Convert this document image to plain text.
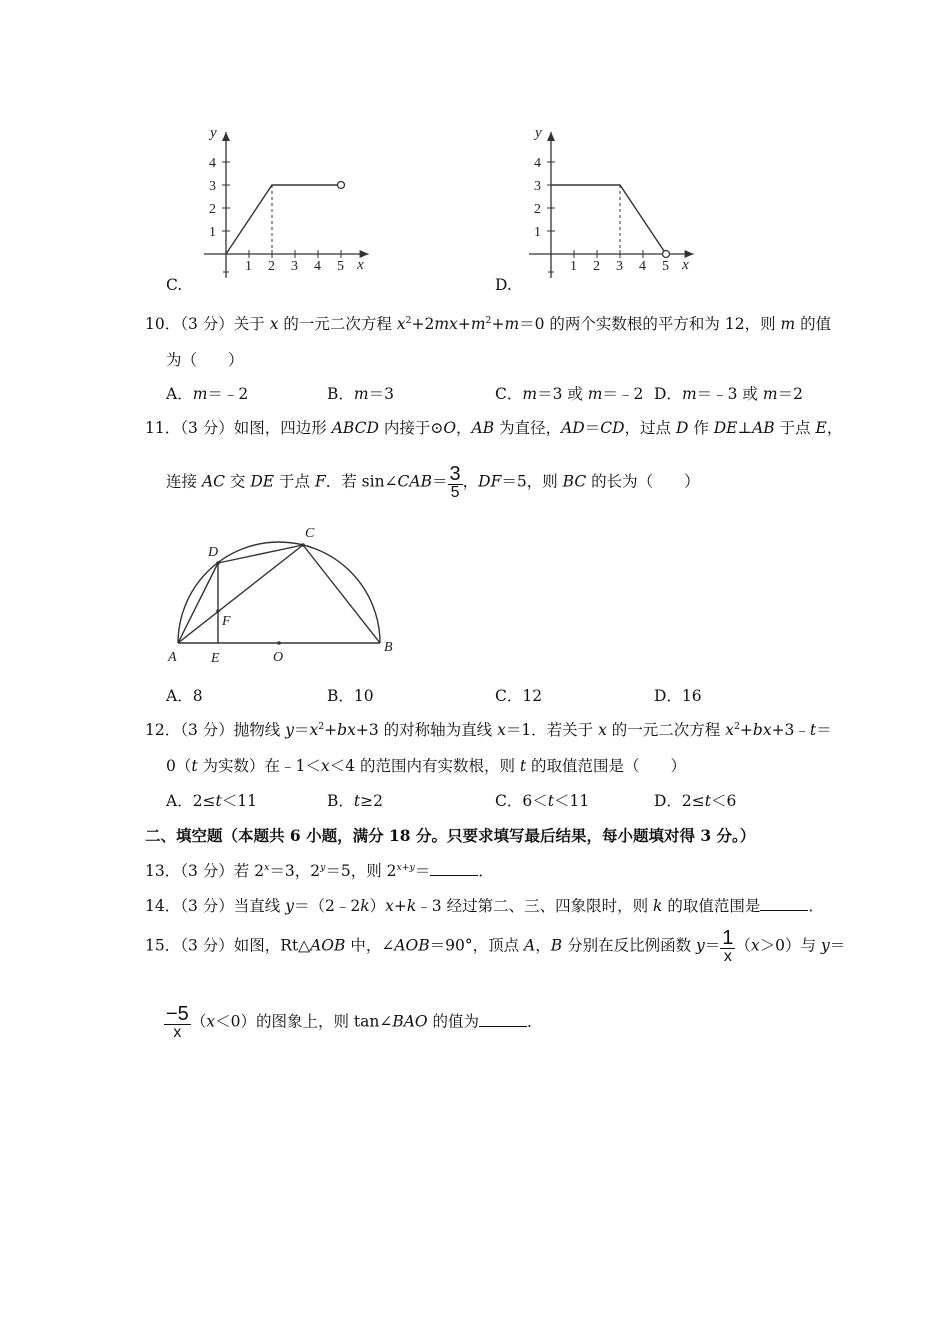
y
x
1
2
3
4
1 2 3 4 5
C.
y
x
1
2
3
4
1 2 3 4 5
D.
10．（3 分）关于 x 的一元二次方程 $x^2+2mx+m^2+m=0$ 的两个实数根的平方和为 12，则 m 的值
为（　　）
A．m＝﹣2	B．m＝3	C．m＝3 或 m＝﹣2 D．m＝﹣3 或 m＝2
11．（3 分）如图，四边形 ABCD 内接于⊙O，AB 为直径，AD＝CD，过点 D 作 DE⊥AB 于点 E，
连接 AC 交 DE 于点 F．若 sin∠CAB＝ $\frac{3}{5}$ ，DF＝5，则 BC 的长为（　　）
A E	O
B
D
C
F
A．8	B．10	C．12	D．16
12．（3 分）抛物线 $y=x^2+bx+3$ 的对称轴为直线 x＝1．若关于 x 的一元二次方程 $x^2+bx+3﹣t=$
0（t 为实数）在﹣1＜x＜4 的范围内有实数根，则 t 的取值范围是（　　）
A．2≤t＜11	B．t≥2	C．6＜t＜11	D．2≤t＜6
二、填空题（本题共 6 小题，满分 18 分。只要求填写最后结果，每小题填对得 3 分。）
13．（3 分）若 $2^x=3$，$2^y=5$，则 $2^{x+y}=$	．
14．（3 分）当直线 y＝（2﹣2k）x+k﹣3 经过第二、三、四象限时，则 k 的取值范围是	．
15．（3 分）如图，Rt△AOB 中，∠AOB＝90°，顶点 A，B 分别在反比例函数 $y= \frac{1}{x} (x>0)$与 y＝
$\frac{-5}{x} (x<0)$的图象上，则 tan∠BAO 的值为	．
